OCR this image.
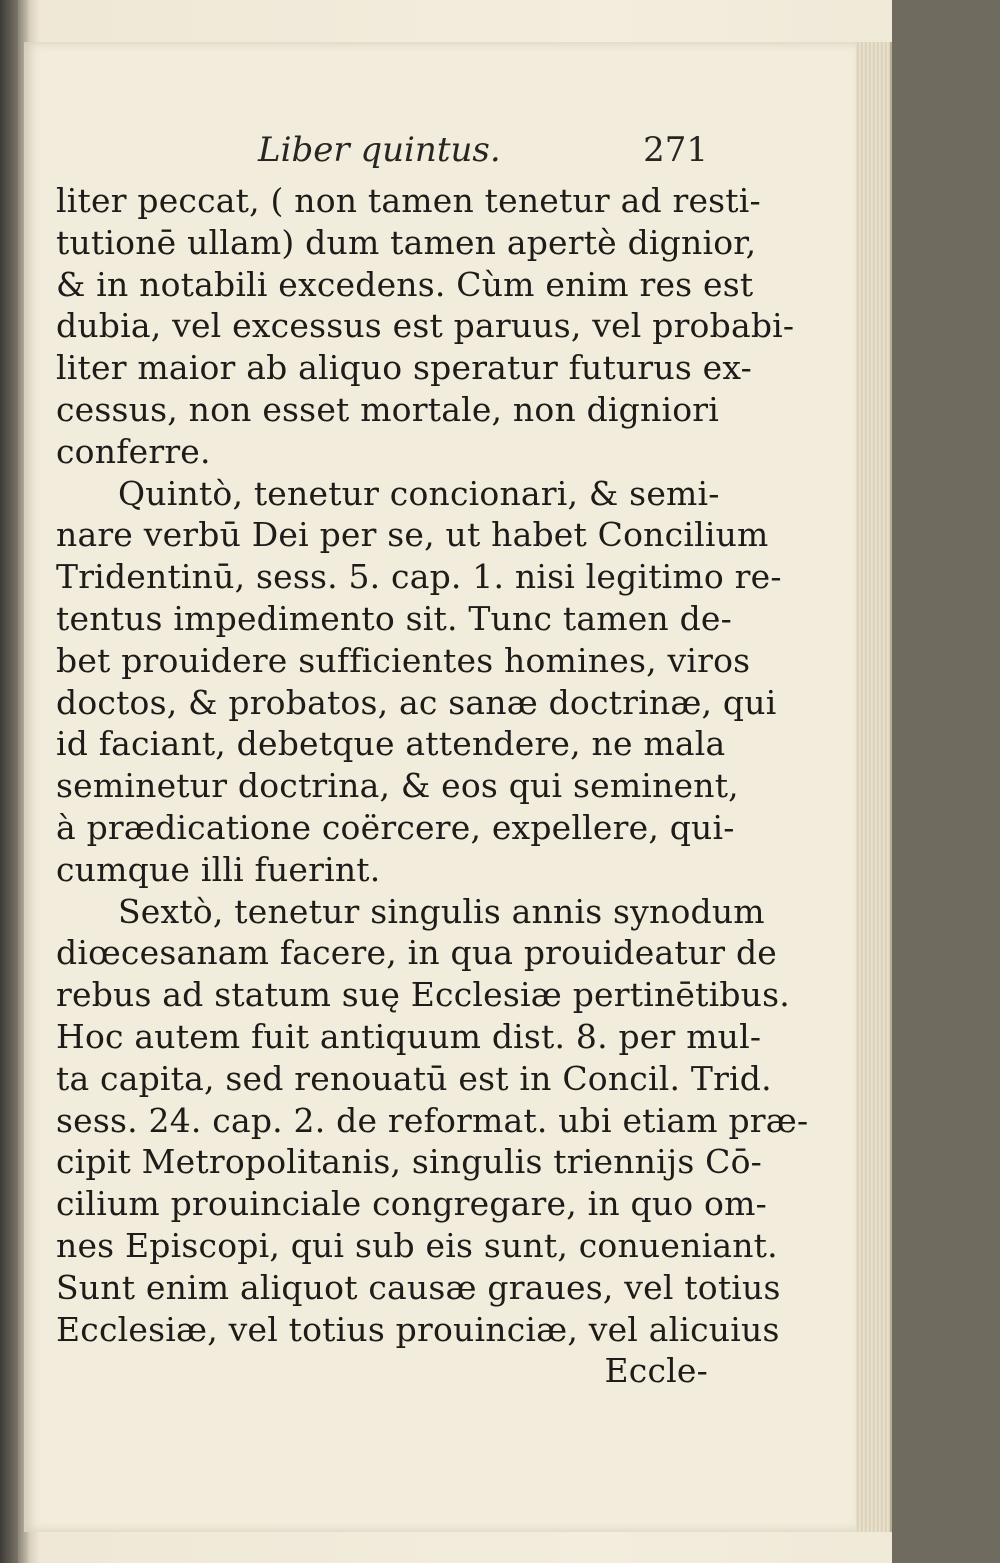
Liber quintus.	271
liter peccat, ( non tamen tenetur ad resti-
tutionē ullam) dum tamen apertè dignior,
& in notabili excedens. Cùm enim res est
dubia, vel excessus est paruus, vel probabi-
liter maior ab aliquo speratur futurus ex-
cessus, non esset mortale, non digniori
conferre.
Quintò, tenetur concionari, & semi-
nare verbū Dei per se, ut habet Concilium
Tridentinū, sess. 5. cap. 1. nisi legitimo re-
tentus impedimento sit. Tunc tamen de-
bet prouidere sufficientes homines, viros
doctos, & probatos, ac sanæ doctrinæ, qui
id faciant, debetque attendere, ne mala
seminetur doctrina, & eos qui seminent,
à prædicatione coërcere, expellere, qui-
cumque illi fuerint.
Sextò, tenetur singulis annis synodum
diœcesanam facere, in qua prouideatur de
rebus ad statum suę Ecclesiæ pertinētibus.
Hoc autem fuit antiquum dist. 8. per mul-
ta capita, sed renouatū est in Concil. Trid.
sess. 24. cap. 2. de reformat. ubi etiam præ-
cipit Metropolitanis, singulis triennijs Cō-
cilium prouinciale congregare, in quo om-
nes Episcopi, qui sub eis sunt, conueniant.
Sunt enim aliquot causæ graues, vel totius
Ecclesiæ, vel totius prouinciæ, vel alicuius
Eccle-
